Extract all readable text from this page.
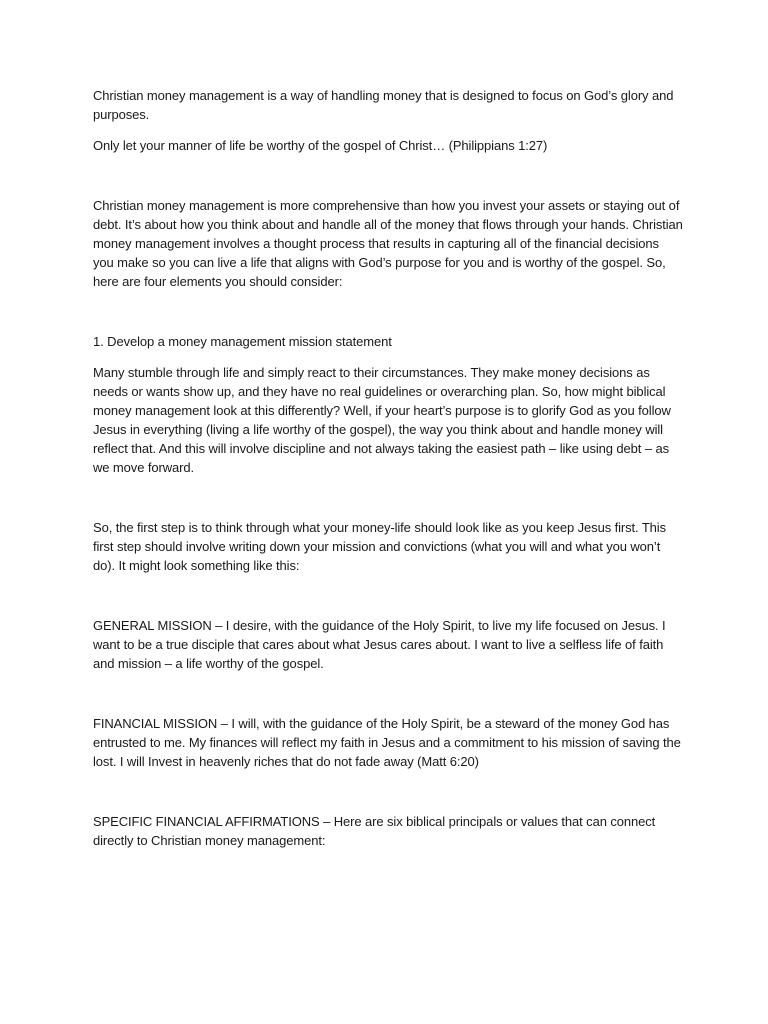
Christian money management is a way of handling money that is designed to focus on God’s glory and purposes.

Only let your manner of life be worthy of the gospel of Christ… (Philippians 1:27)

Christian money management is more comprehensive than how you invest your assets or staying out of debt. It’s about how you think about and handle all of the money that flows through your hands. Christian money management involves a thought process that results in capturing all of the financial decisions you make so you can live a life that aligns with God’s purpose for you and is worthy of the gospel. So, here are four elements you should consider:

1. Develop a money management mission statement

Many stumble through life and simply react to their circumstances. They make money decisions as needs or wants show up, and they have no real guidelines or overarching plan. So, how might biblical money management look at this differently? Well, if your heart’s purpose is to glorify God as you follow Jesus in everything (living a life worthy of the gospel), the way you think about and handle money will reflect that. And this will involve discipline and not always taking the easiest path – like using debt – as we move forward.

So, the first step is to think through what your money-life should look like as you keep Jesus first. This first step should involve writing down your mission and convictions (what you will and what you won’t do). It might look something like this:

GENERAL MISSION – I desire, with the guidance of the Holy Spirit, to live my life focused on Jesus. I want to be a true disciple that cares about what Jesus cares about. I want to live a selfless life of faith and mission – a life worthy of the gospel.

FINANCIAL MISSION – I will, with the guidance of the Holy Spirit, be a steward of the money God has entrusted to me. My finances will reflect my faith in Jesus and a commitment to his mission of saving the lost. I will Invest in heavenly riches that do not fade away (Matt 6:20)

SPECIFIC FINANCIAL AFFIRMATIONS – Here are six biblical principals or values that can connect directly to Christian money management:
